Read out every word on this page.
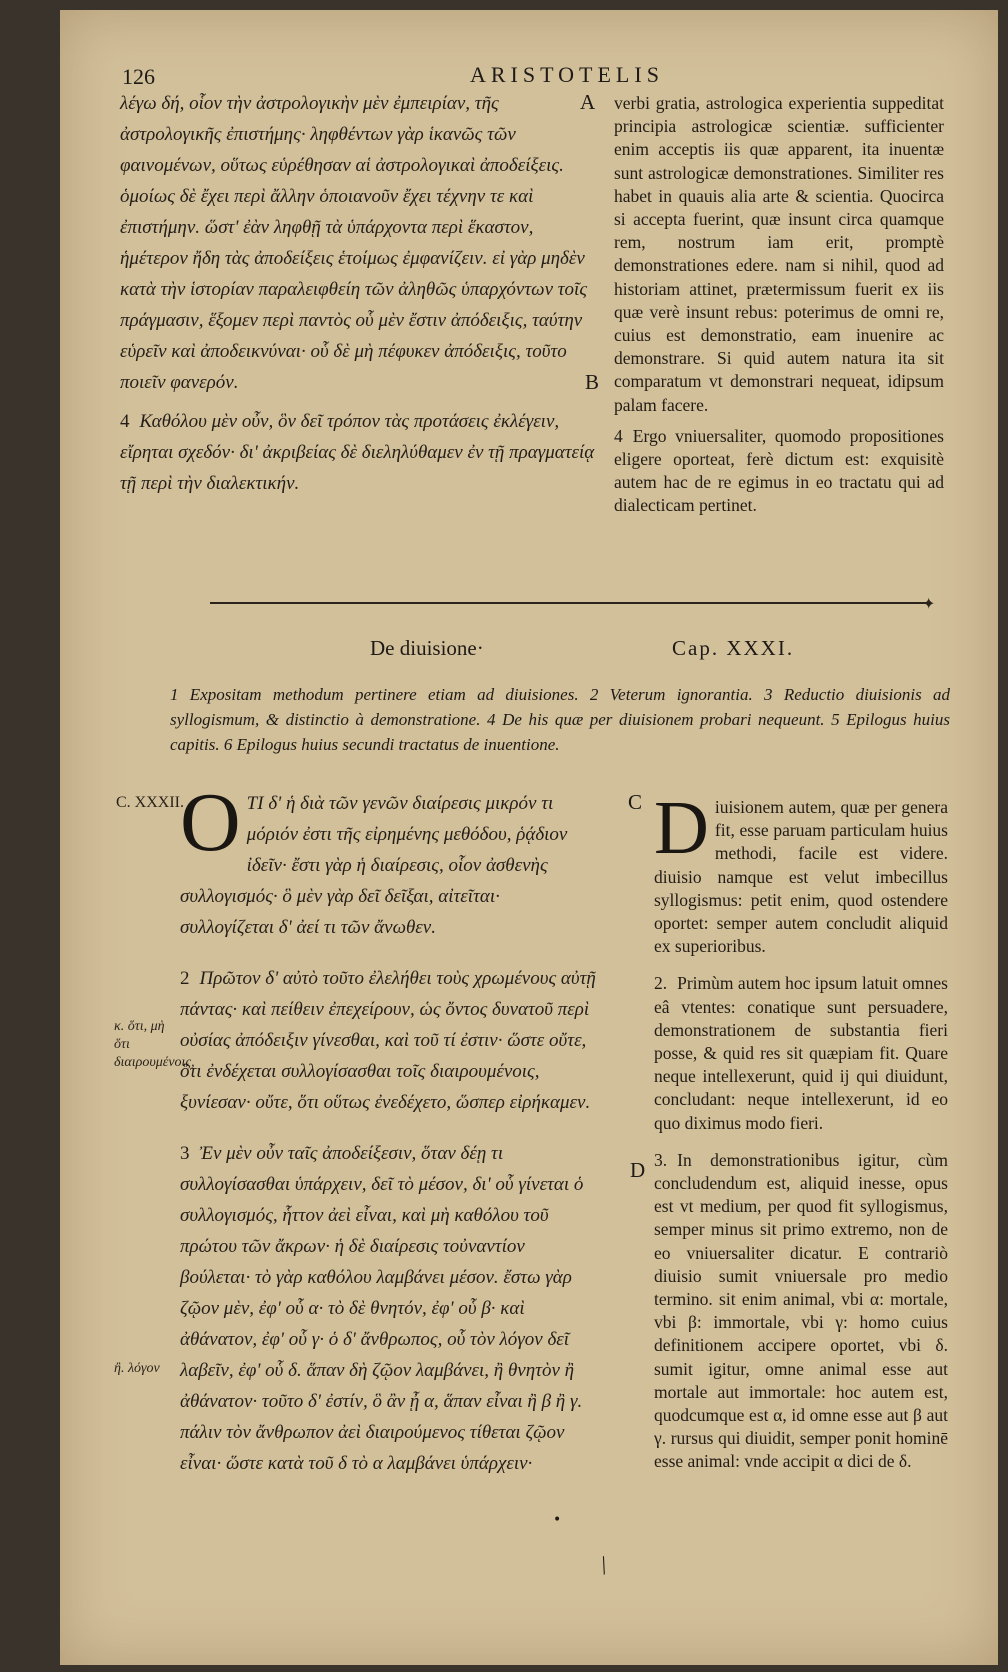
126	ARISTOTELIS

λέγω δή, οἷον τὴν ἀστρολογικὴν μὲν ἐμπειρίαν, τῆς ἀστρολογικῆς ἐπιστήμης· ληφθέντων γὰρ ἱκανῶς τῶν φαινομένων, οὕτως εὑρέθησαν αἱ ἀστρολογικαὶ ἀποδείξεις. ὁμοίως δὲ ἔχει περὶ ἄλλην ὁποιανοῦν ἔχει τέχνην τε καὶ ἐπιστήμην. ὥστ' ἐὰν ληφθῇ τὰ ὑπάρχοντα περὶ ἕκαστον, ἡμέτερον ἤδη τὰς ἀποδείξεις ἑτοίμως ἐμφανίζειν. εἰ γὰρ μηδὲν κατὰ τὴν ἱστορίαν παραλειφθείη τῶν ἀληθῶς ὑπαρχόντων τοῖς πράγμασιν, ἕξομεν περὶ παντὸς οὗ μὲν ἔστιν ἀπόδειξις, ταύτην εὑρεῖν καὶ ἀποδεικνύναι· οὗ δὲ μὴ πέφυκεν ἀπόδειξις, τοῦτο ποιεῖν φανερόν.

4 Καθόλου μὲν οὖν, ὃν δεῖ τρόπον τὰς προτάσεις ἐκλέγειν, εἴρηται σχεδόν· δι' ἀκριβείας δὲ διεληλύθαμεν ἐν τῇ πραγματείᾳ τῇ περὶ τὴν διαλεκτικήν.

A
B

verbi gratia, astrologica experientia suppeditat principia astrologicæ scientiæ. sufficienter enim acceptis iis quæ apparent, ita inuentæ sunt astrologicæ demonstrationes. Similiter res habet in quauis alia arte & scientia. Quocirca si accepta fuerint, quæ insunt circa quamque rem, nostrum iam erit, promptè demonstrationes edere. nam si nihil, quod ad historiam attinet, prætermissum fuerit ex iis quæ verè insunt rebus: poterimus de omni re, cuius est demonstratio, eam inuenire ac demonstrare. Si quid autem natura ita sit comparatum vt demonstrari nequeat, idipsum palam facere.

4 Ergo vniuersaliter, quomodo propositiones eligere oporteat, ferè dictum est: exquisitè autem hac de re egimus in eo tractatu qui ad dialecticam pertinet.

✦
De diuisione·	Cap. XXXI.
1 Expositam methodum pertinere etiam ad diuisiones. 2 Veterum ignorantia. 3 Reductio diuisionis ad syllogismum, & distinctio à demonstratione. 4 De his quæ per diuisionem probari nequeunt. 5 Epilogus huius capitis. 6 Epilogus huius secundi tractatus de inuentione.
C. XXXII.
κ. ὅτι, μὴ ὅτι διαιρουμένοις,
ἢ. λόγον

OΤΙ δ' ἡ διὰ τῶν γενῶν διαίρεσις μικρόν τι μόριόν ἐστι τῆς εἰρημένης μεθόδου, ῥᾴδιον ἰδεῖν· ἔστι γὰρ ἡ διαίρεσις, οἷον ἀσθενὴς συλλογισμός· ὃ μὲν γὰρ δεῖ δεῖξαι, αἰτεῖται· συλλογίζεται δ' ἀεί τι τῶν ἄνωθεν.

2 Πρῶτον δ' αὐτὸ τοῦτο ἐλελήθει τοὺς χρωμένους αὐτῇ πάντας· καὶ πείθειν ἐπεχείρουν, ὡς ὄντος δυνατοῦ περὶ οὐσίας ἀπόδειξιν γίνεσθαι, καὶ τοῦ τί ἐστιν· ὥστε οὔτε, ὅτι ἐνδέχεται συλλογίσασθαι τοῖς διαιρουμένοις, ξυνίεσαν· οὔτε, ὅτι οὕτως ἐνεδέχετο, ὥσπερ εἰρήκαμεν.

3 Ἐν μὲν οὖν ταῖς ἀποδείξεσιν, ὅταν δέῃ τι συλλογίσασθαι ὑπάρχειν, δεῖ τὸ μέσον, δι' οὗ γίνεται ὁ συλλογισμός, ἧττον ἀεὶ εἶναι, καὶ μὴ καθόλου τοῦ πρώτου τῶν ἄκρων· ἡ δὲ διαίρεσις τοὐναντίον βούλεται· τὸ γὰρ καθόλου λαμβάνει μέσον. ἔστω γὰρ ζῷον μὲν, ἐφ' οὗ α· τὸ δὲ θνητόν, ἐφ' οὗ β· καὶ ἀθάνατον, ἐφ' οὗ γ· ὁ δ' ἄνθρωπος, οὗ τὸν λόγον δεῖ λαβεῖν, ἐφ' οὗ δ. ἅπαν δὴ ζῷον λαμβάνει, ἢ θνητὸν ἢ ἀθάνατον· τοῦτο δ' ἐστίν, ὃ ἂν ᾖ α, ἅπαν εἶναι ἢ β ἢ γ. πάλιν τὸν ἄνθρωπον ἀεὶ διαιρούμενος τίθεται ζῷον εἶναι· ὥστε κατὰ τοῦ δ τὸ α λαμβάνει ὑπάρχειν·

C
D

Diuisionem autem, quæ per genera fit, esse paruam particulam huius methodi, facile est videre. diuisio namque est velut imbecillus syllogismus: petit enim, quod ostendere oportet: semper autem concludit aliquid ex superioribus.

2. Primùm autem hoc ipsum latuit omnes eâ vtentes: conatique sunt persuadere, demonstrationem de substantia fieri posse, & quid res sit quæpiam fit. Quare neque intellexerunt, quid ij qui diuidunt, concludant: neque intellexerunt, id eo quo diximus modo fieri.

3. In demonstrationibus igitur, cùm concludendum est, aliquid inesse, opus est vt medium, per quod fit syllogismus, semper minus sit primo extremo, non de eo vniuersaliter dicatur. E contrariò diuisio sumit vniuersale pro medio termino. sit enim animal, vbi α: mortale, vbi β: immortale, vbi γ: homo cuius definitionem accipere oportet, vbi δ. sumit igitur, omne animal esse aut mortale aut immortale: hoc autem est, quodcumque est α, id omne esse aut β aut γ. rursus qui diuidit, semper ponit hominē esse animal: vnde accipit α dici de δ.

•
╱
